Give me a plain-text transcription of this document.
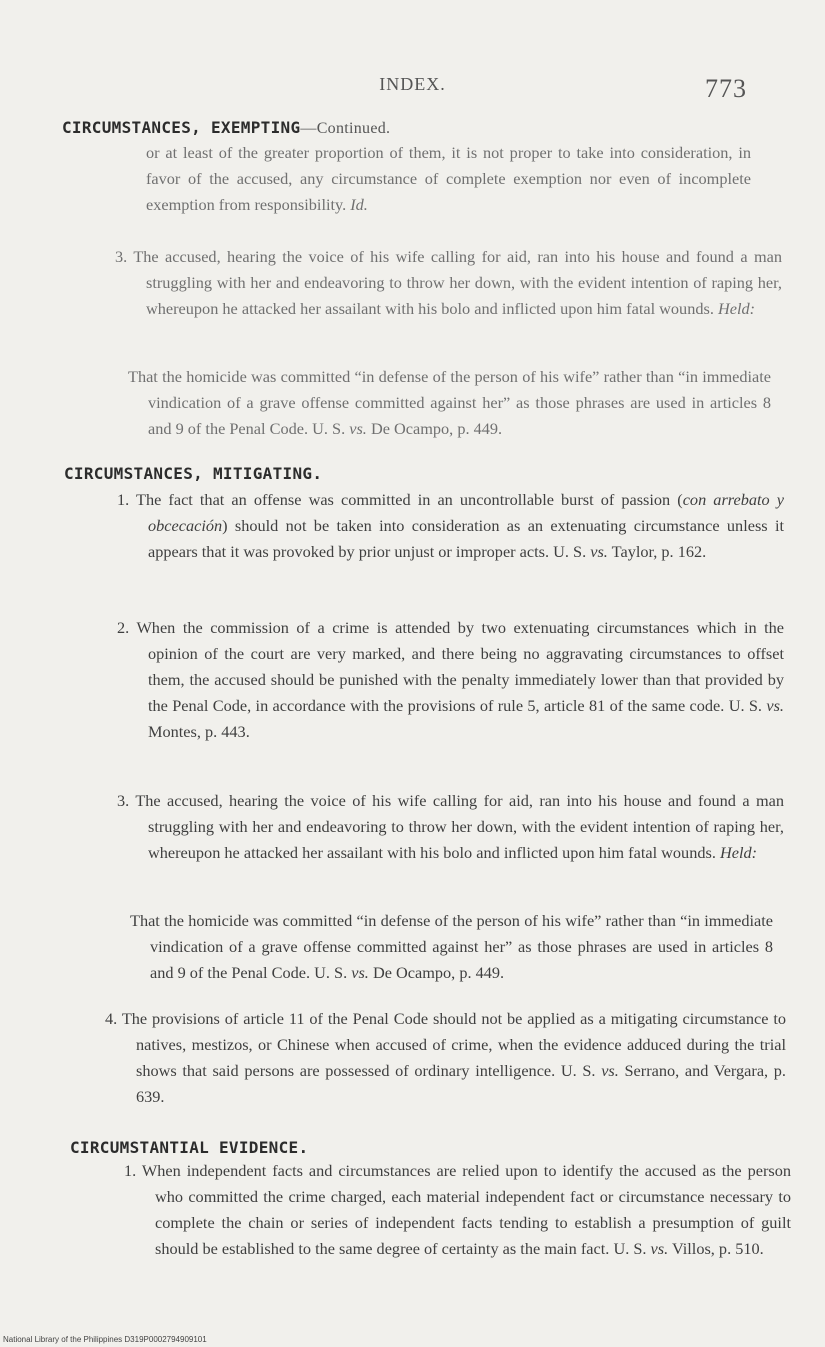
INDEX.	773
CIRCUMSTANCES, EXEMPTING—Continued.
or at least of the greater proportion of them, it is not proper to take into consideration, in favor of the accused, any circumstance of complete exemption nor even of incomplete exemption from responsibility. Id.
3. The accused, hearing the voice of his wife calling for aid, ran into his house and found a man struggling with her and endeavoring to throw her down, with the evident intention of raping her, whereupon he attacked her assailant with his bolo and inflicted upon him fatal wounds. Held:
That the homicide was committed “in defense of the person of his wife” rather than “in immediate vindication of a grave offense committed against her” as those phrases are used in articles 8 and 9 of the Penal Code. U. S. vs. De Ocampo, p. 449.
CIRCUMSTANCES, MITIGATING.
1. The fact that an offense was committed in an uncontrollable burst of passion (con arrebato y obcecación) should not be taken into consideration as an extenuating circumstance unless it appears that it was provoked by prior unjust or improper acts. U. S. vs. Taylor, p. 162.
2. When the commission of a crime is attended by two extenuating circumstances which in the opinion of the court are very marked, and there being no aggravating circumstances to offset them, the accused should be punished with the penalty immediately lower than that provided by the Penal Code, in accordance with the provisions of rule 5, article 81 of the same code. U. S. vs. Montes, p. 443.
3. The accused, hearing the voice of his wife calling for aid, ran into his house and found a man struggling with her and endeavoring to throw her down, with the evident intention of raping her, whereupon he attacked her assailant with his bolo and inflicted upon him fatal wounds. Held:
That the homicide was committed “in defense of the person of his wife” rather than “in immediate vindication of a grave offense committed against her” as those phrases are used in articles 8 and 9 of the Penal Code. U. S. vs. De Ocampo, p. 449.
4. The provisions of article 11 of the Penal Code should not be applied as a mitigating circumstance to natives, mestizos, or Chinese when accused of crime, when the evidence adduced during the trial shows that said persons are possessed of ordinary intelligence. U. S. vs. Serrano, and Vergara, p. 639.
CIRCUMSTANTIAL EVIDENCE.
1. When independent facts and circumstances are relied upon to identify the accused as the person who committed the crime charged, each material independent fact or circumstance necessary to complete the chain or series of independent facts tending to establish a presumption of guilt should be established to the same degree of certainty as the main fact. U. S. vs. Villos, p. 510.
National Library of the Philippines D319P0002794909101
